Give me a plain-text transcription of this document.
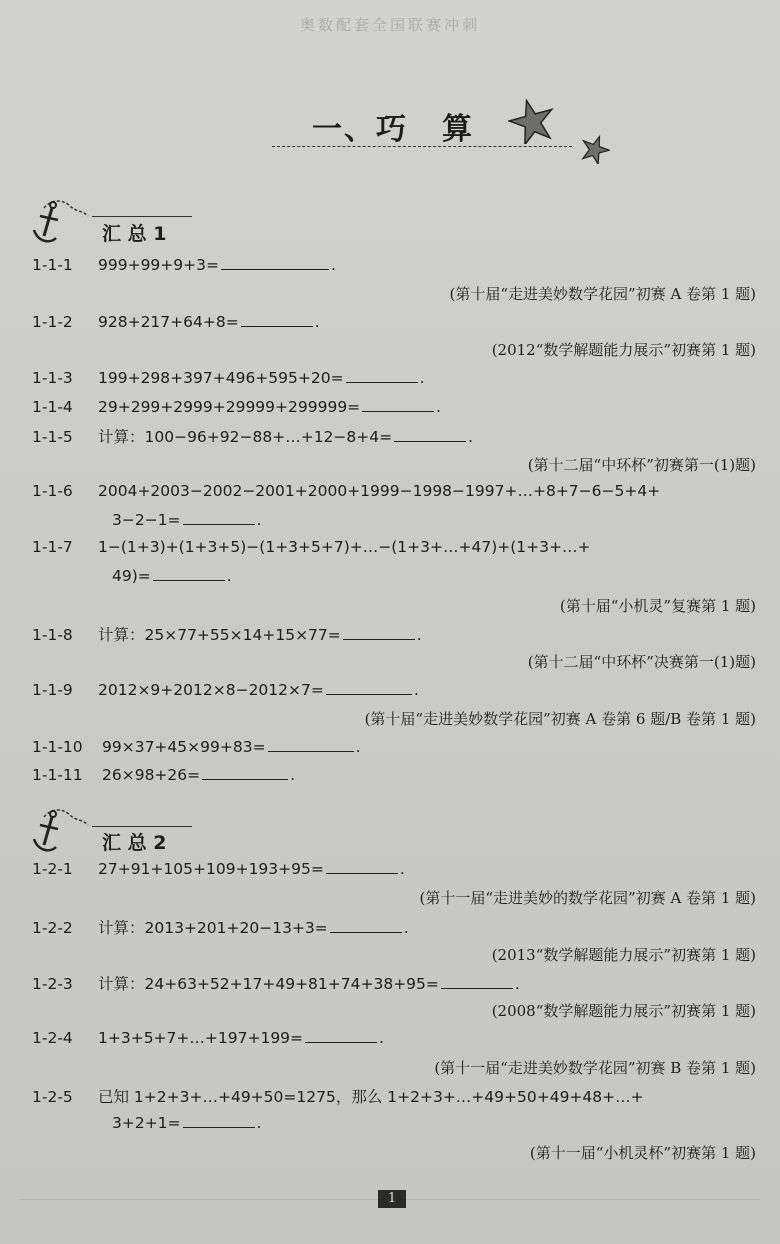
奥数配套全国联赛冲刺
一、巧 算
汇 总 1
1-1-1 999+99+9+3=	.
(第十届“走进美妙数学花园”初赛 A 卷第 1 题)
1-1-2 928+217+64+8=	.
(2012“数学解题能力展示”初赛第 1 题)
1-1-3 199+298+397+496+595+20=	.
1-1-4 29+299+2999+29999+299999=	.
1-1-5 计算：100−96+92−88+…+12−8+4=	.
(第十二届“中环杯”初赛第一(1)题)
1-1-6 2004+2003−2002−2001+2000+1999−1998−1997+…+8+7−6−5+4+
3−2−1=	.
1-1-7 1−(1+3)+(1+3+5)−(1+3+5+7)+…−(1+3+…+47)+(1+3+…+
49)=	.
(第十届“小机灵”复赛第 1 题)
1-1-8 计算：25×77+55×14+15×77=	.
(第十二届“中环杯”决赛第一(1)题)
1-1-9 2012×9+2012×8−2012×7=	.
(第十届“走进美妙数学花园”初赛 A 卷第 6 题/B 卷第 1 题)
1-1-10 99×37+45×99+83=	.
1-1-11 26×98+26=	.
汇 总 2
1-2-1 27+91+105+109+193+95=	.
(第十一届“走进美妙的数学花园”初赛 A 卷第 1 题)
1-2-2 计算：2013+201+20−13+3=	.
(2013“数学解题能力展示”初赛第 1 题)
1-2-3 计算：24+63+52+17+49+81+74+38+95=	.
(2008“数学解题能力展示”初赛第 1 题)
1-2-4 1+3+5+7+…+197+199=	.
(第十一届“走进美妙数学花园”初赛 B 卷第 1 题)
1-2-5 已知 1+2+3+…+49+50=1275，那么 1+2+3+…+49+50+49+48+…+
3+2+1=	.
(第十一届“小机灵杯”初赛第 1 题)
1
